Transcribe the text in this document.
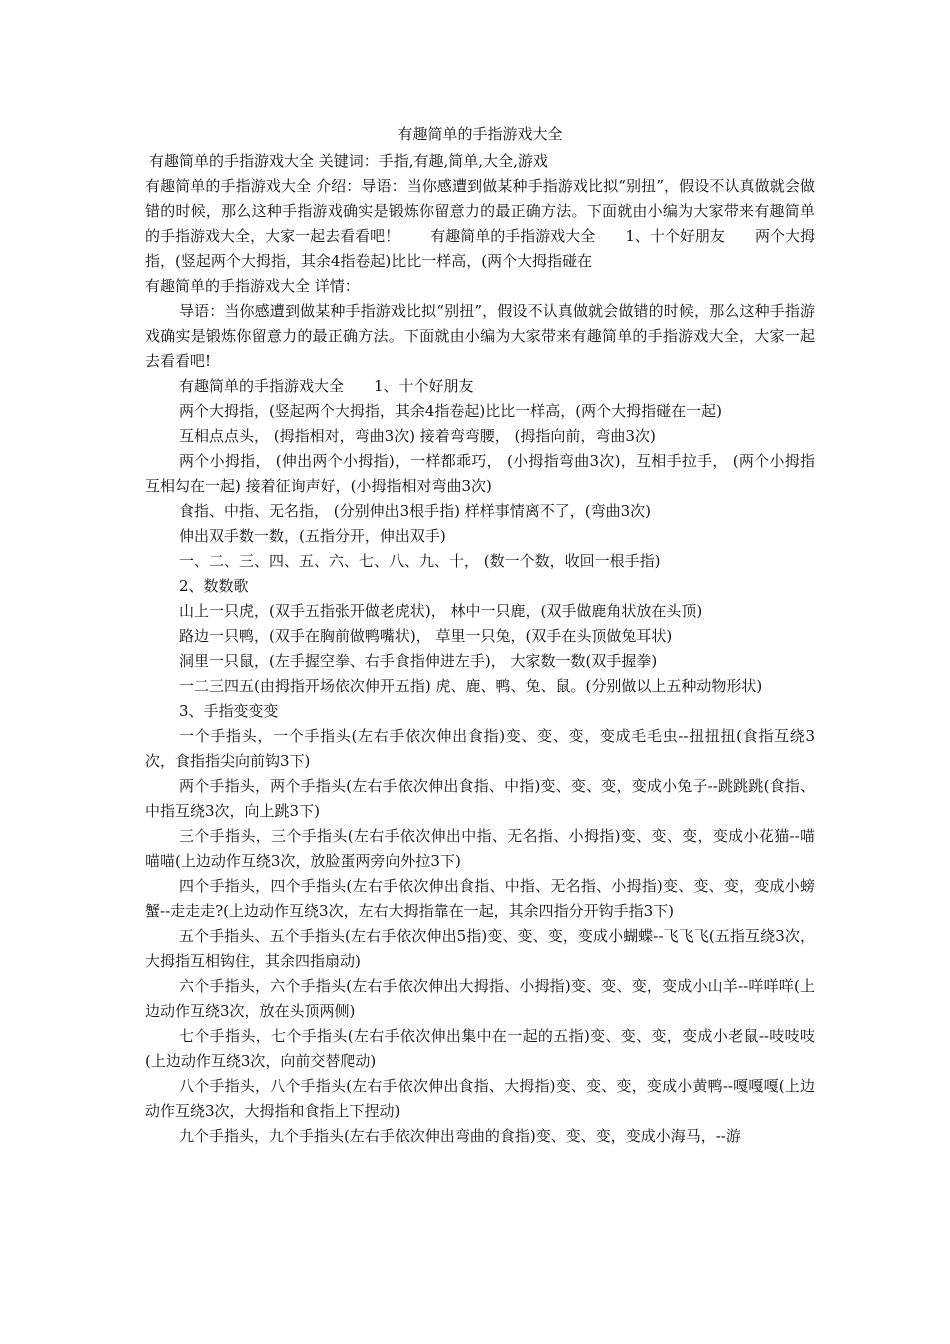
有趣简单的手指游戏大全

有趣简单的手指游戏大全 关键词：手指,有趣,简单,大全,游戏

有趣简单的手指游戏大全 介绍：导语：当你感遭到做某种手指游戏比拟“别扭”，假设不认真做就会做错的时候，那么这种手指游戏确实是锻炼你留意力的最正确方法。下面就由小编为大家带来有趣简单的手指游戏大全，大家一起去看看吧！　　有趣简单的手指游戏大全　　1、十个好朋友　　两个大拇指，(竖起两个大拇指，其余4指卷起)比比一样高，(两个大拇指碰在

有趣简单的手指游戏大全 详情：

导语：当你感遭到做某种手指游戏比拟“别扭”，假设不认真做就会做错的时候，那么这种手指游戏确实是锻炼你留意力的最正确方法。下面就由小编为大家带来有趣简单的手指游戏大全，大家一起去看看吧!

有趣简单的手指游戏大全　　1、十个好朋友

两个大拇指，(竖起两个大拇指，其余4指卷起)比比一样高，(两个大拇指碰在一起)

互相点点头， (拇指相对，弯曲3次) 接着弯弯腰， (拇指向前，弯曲3次)

两个小拇指， (伸出两个小拇指)，一样都乖巧， (小拇指弯曲3次)，互相手拉手， (两个小拇指互相勾在一起) 接着征询声好，(小拇指相对弯曲3次)

食指、中指、无名指， (分别伸出3根手指) 样样事情离不了，(弯曲3次)

伸出双手数一数，(五指分开，伸出双手)

一、二、三、四、五、六、七、八、九、十， (数一个数，收回一根手指)

2、数数歌

山上一只虎，(双手五指张开做老虎状)， 林中一只鹿，(双手做鹿角状放在头顶)

路边一只鸭，(双手在胸前做鸭嘴状)， 草里一只兔，(双手在头顶做兔耳状)

洞里一只鼠，(左手握空拳、右手食指伸进左手)， 大家数一数(双手握拳)

一二三四五(由拇指开场依次伸开五指) 虎、鹿、鸭、兔、鼠。(分别做以上五种动物形状)

3、手指变变变

一个手指头，一个手指头(左右手依次伸出食指)变、变、变，变成毛毛虫--扭扭扭(食指互绕3次，食指指尖向前钩3下)

两个手指头，两个手指头(左右手依次伸出食指、中指)变、变、变，变成小兔子--跳跳跳(食指、中指互绕3次，向上跳3下)

三个手指头，三个手指头(左右手依次伸出中指、无名指、小拇指)变、变、变，变成小花猫--喵喵喵(上边动作互绕3次，放脸蛋两旁向外拉3下)

四个手指头，四个手指头(左右手依次伸出食指、中指、无名指、小拇指)变、变、变，变成小螃蟹--走走走?(上边动作互绕3次，左右大拇指靠在一起，其余四指分开钩手指3下)

五个手指头、五个手指头(左右手依次伸出5指)变、变、变，变成小蝴蝶--飞飞飞(五指互绕3次，大拇指互相钩住，其余四指扇动)

六个手指头，六个手指头(左右手依次伸出大拇指、小拇指)变、变、变，变成小山羊--咩咩咩(上边动作互绕3次，放在头顶两侧)

七个手指头，七个手指头(左右手依次伸出集中在一起的五指)变、变、变，变成小老鼠--吱吱吱(上边动作互绕3次，向前交替爬动)

八个手指头，八个手指头(左右手依次伸出食指、大拇指)变、变、变，变成小黄鸭--嘎嘎嘎(上边动作互绕3次，大拇指和食指上下捏动)

九个手指头，九个手指头(左右手依次伸出弯曲的食指)变、变、变，变成小海马，--游
